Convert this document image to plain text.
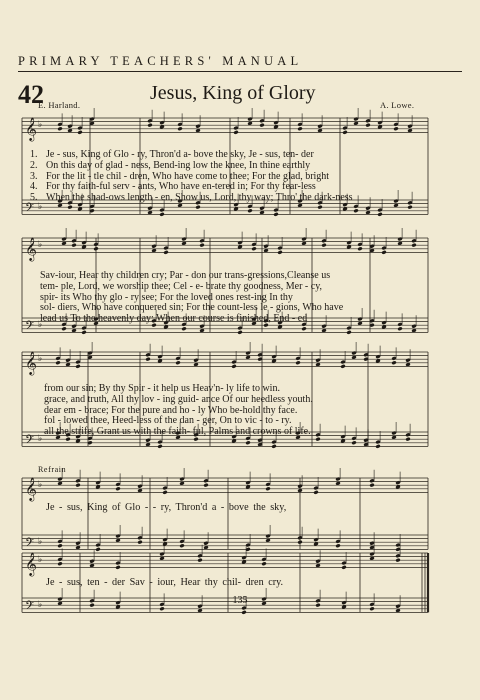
PRIMARY TEACHERS' MANUAL
42	Jesus, King of Glory
E. Harland.	A. Lowe.
𝄞 ♭
𝄢 ♭
𝄞 ♭
𝄢 ♭
𝄞 ♭
𝄢 ♭
𝄞 ♭
𝄢 ♭
𝄞 ♭
𝄢 ♭
1.
2.
3.
4.
5.
Je - sus, King of Glo - ry, Thron'd a- bove the sky, Je - sus, ten- der
On this day of glad - ness, Bend-ing low the knee, In thine earthly
For the lit - tle chil - dren, Who have come to thee; For the glad, bright
For thy faith-ful serv - ants, Who have en-tered in; For thy fear-less
When the shad-ows length - en, Show us, Lord, thy way; Thro' the dark-ness
Sav-iour, Hear thy children cry; Par - don our trans-gressions,Cleanse us
tem- ple, Lord, we worship thee; Cel - e- brate thy goodness, Mer - cy,
spir- its Who thy glo - ry see; For the loved ones rest-ing In thy
sol- diers, Who have conquered sin; For the count-less le - gions, Who have
lead us To the heavenly day: When our course is finished, End - ed
from our sin; By thy Spir - it help us Heav'n- ly life to win.
grace, and truth, All thy lov - ing guid- ance Of our heedless youth.
dear em - brace; For the pure and ho - ly Who be-hold thy face.
fol - lowed thee, Heed-less of the dan - ger, On to vic - to - ry.
all the strife, Grant us with the faith- ful, Palms and crowns of life.
Refrain
Je - sus, King of Glo - - ry, Thron'd a - bove the sky,
Je - sus, ten - der Sav - iour, Hear thy chil- dren cry.
135
